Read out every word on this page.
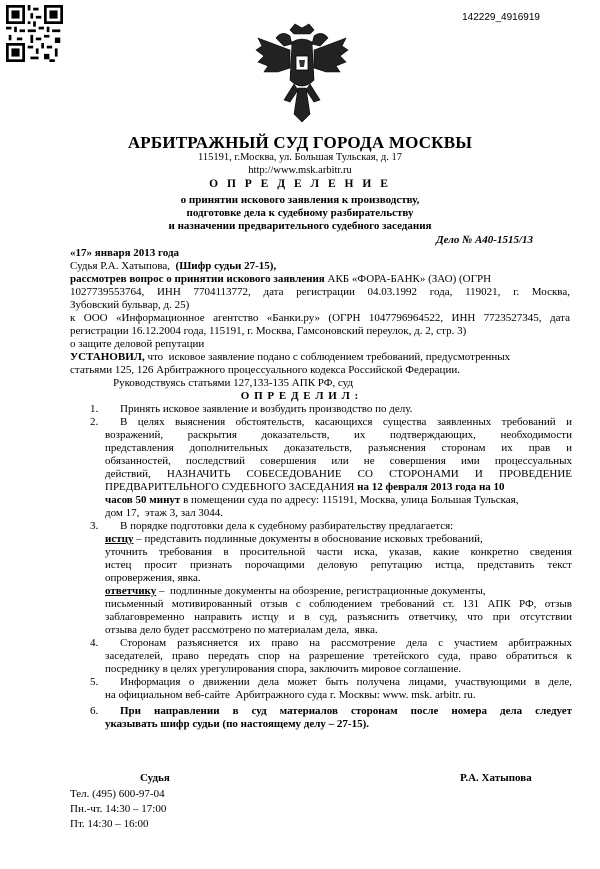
142229_4916919
АРБИТРАЖНЫЙ СУД ГОРОДА МОСКВЫ
115191, г.Москва, ул. Большая Тульская, д. 17
http://www.msk.arbitr.ru
О П Р Е Д Е Л Е Н И Е
о принятии искового заявления к производству,
подготовке дела к судебному разбирательству
и назначении предварительного судебного заседания
Дело № А40-1515/13
«17» января 2013 года
Судья Р.А. Хатыпова, (Шифр судьи 27-15),
рассмотрев вопрос о принятии искового заявления АКБ «ФОРА-БАНК» (ЗАО) (ОГРН
1027739553764, ИНН 7704113772, дата регистрации 04.03.1992 года, 119021, г. Москва,
Зубовский бульвар, д. 25)
к ООО «Информационное агентство «Банки.ру» (ОГРН 1047796964522, ИНН 7723527345, дата
регистрации 16.12.2004 года, 115191, г. Москва, Гамсоновский переулок, д. 2, стр. 3)
о защите деловой репутации
УСТАНОВИЛ, что  исковое заявление подано с соблюдением требований, предусмотренных
статьями 125, 126 Арбитражного процессуального кодекса Российской Федерации.
Руководствуясь статьями 127,133-135 АПК РФ, суд
О П Р Е Д Е Л И Л :
1. Принять исковое заявление и возбудить производство по делу.
2. В целях выяснения обстоятельств, касающихся существа заявленных требований и
возражений, раскрытия доказательств, их подтверждающих, необходимости
представления дополнительных доказательств, разъяснения сторонам их прав и
обязанностей, последствий совершения или не совершения ими процессуальных
действий, НАЗНАЧИТЬ СОБЕСЕДОВАНИЕ СО СТОРОНАМИ И ПРОВЕДЕНИЕ
ПРЕДВАРИТЕЛЬНОГО СУДЕБНОГО ЗАСЕДАНИЯ на 12 февраля 2013 года на 10
часов 50 минут в помещении суда по адресу: 115191, Москва, улица Большая Тульская,
дом 17,  этаж 3, зал 3044.
3. В порядке подготовки дела к судебному разбирательству предлагается:
истцу – представить подлинные документы в обоснование исковых требований,
уточнить требования в просительной части иска, указав, какие конкретно сведения
истец просит признать порочащими деловую репутацию истца, представить текст
опровержения, явка.
ответчику –  подлинные документы на обозрение, регистрационные документы,
письменный мотивированный отзыв с соблюдением требований ст. 131 АПК РФ, отзыв
заблаговременно направить истцу и в суд, разъяснить ответчику, что при отсутствии
отзыва дело будет рассмотрено по материалам дела,  явка.
4. Сторонам разъясняется их право на рассмотрение дела с участием арбитражных
заседателей, право передать спор на разрешение третейского суда, право обратиться к
посреднику в целях урегулирования спора, заключить мировое соглашение.
5. Информация о движении дела может быть получена лицами, участвующими в деле,
на официальном веб-сайте  Арбитражного суда г. Москвы: www. msk. arbitr. ru.
6. При направлении в суд материалов сторонам после номера дела следует
указывать шифр судьи (по настоящему делу – 27-15).
Судья	Р.А. Хатыпова
Тел. (495) 600-97-04
Пн.-чт. 14:30 – 17:00
Пт. 14:30 – 16:00
